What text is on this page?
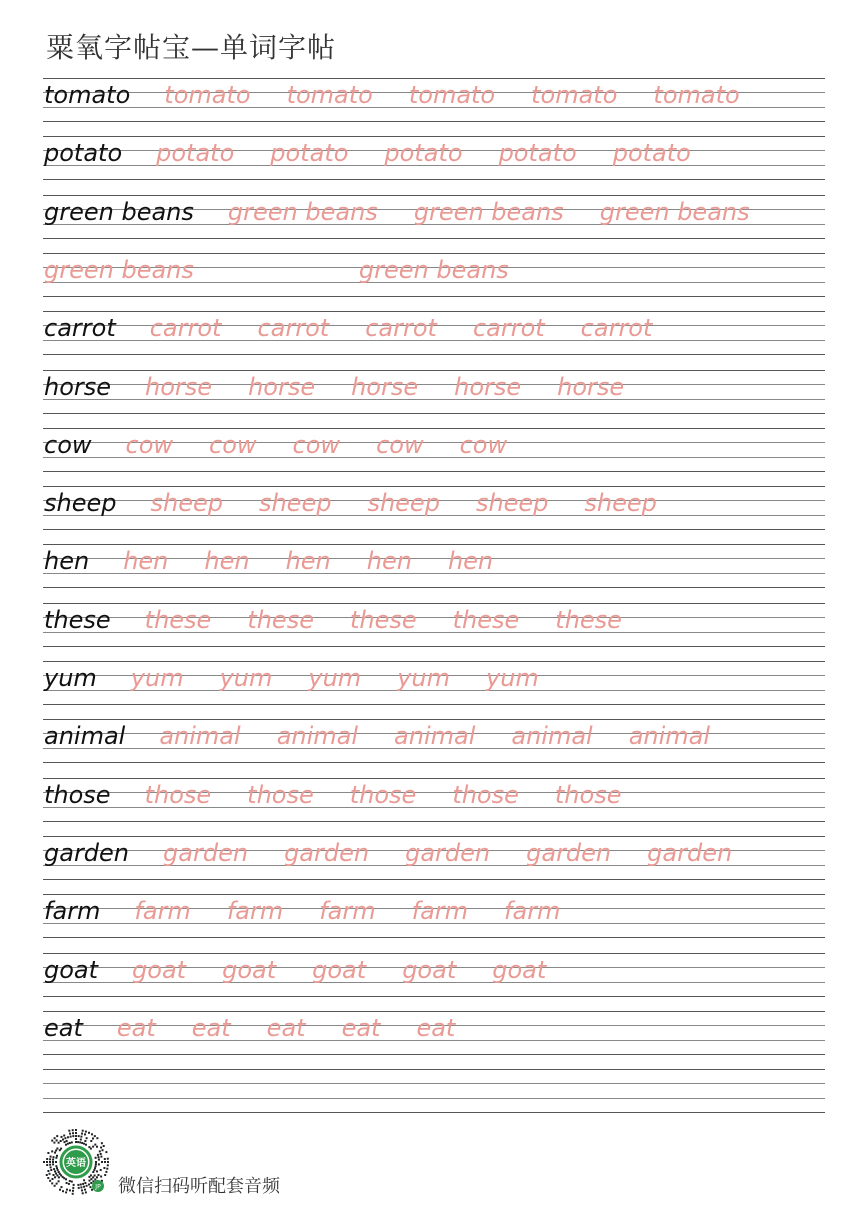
粟氧字帖宝—单词字帖
tomato tomato tomato tomato tomato tomato
potato potato potato potato potato potato
green beans green beans green beans green beans
green beans	green beans
carrot carrot carrot carrot carrot carrot
horse horse horse horse horse horse
cow cow cow cow cow cow
sheep sheep sheep sheep sheep sheep
hen hen hen hen hen hen
these these these these these these
yum yum yum yum yum yum
animal animal animal animal animal animal
those those those those those those
garden garden garden garden garden garden
farm farm farm farm farm farm
goat goat goat goat goat goat
eat eat eat eat eat eat
英语
JP 微信扫码听配套音频
